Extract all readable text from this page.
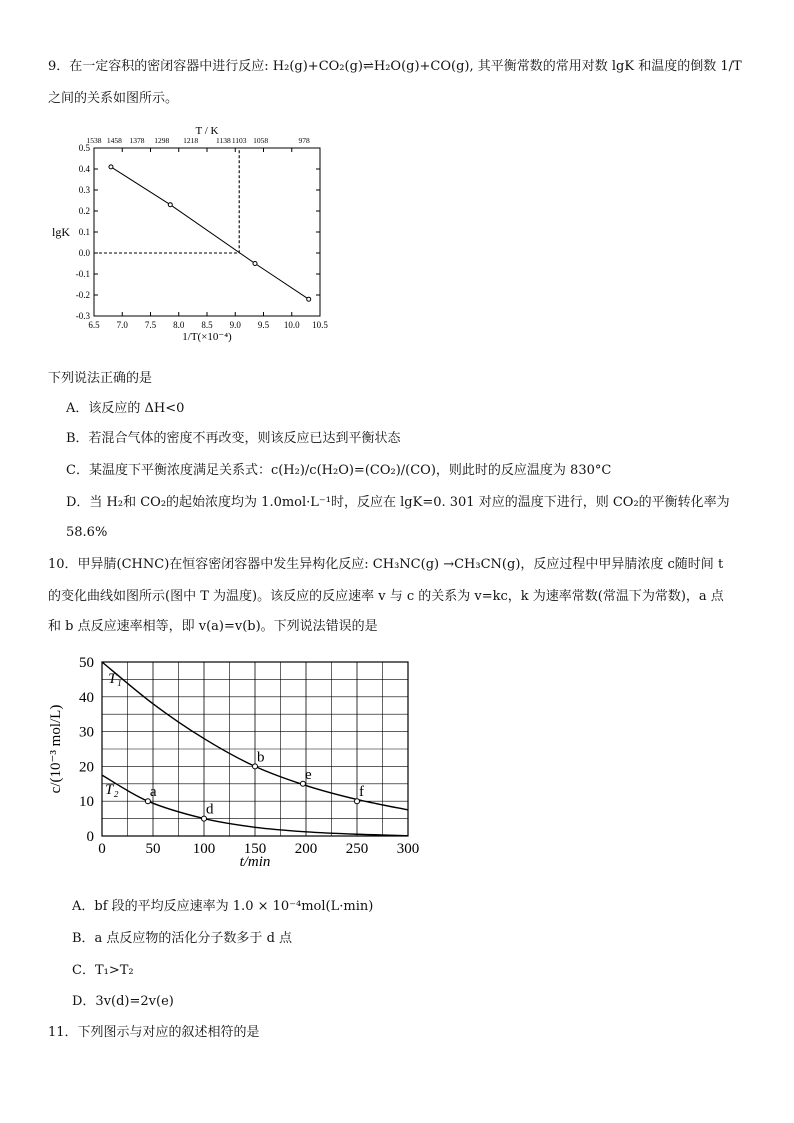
9．在一定容积的密闭容器中进行反应: H₂(g)+CO₂(g)⇌H₂O(g)+CO(g), 其平衡常数的常用对数 lgK 和温度的倒数 1/T
之间的关系如图所示。
6.5 7.0 7.5 8.0 8.5 9.0 9.5 10.0 10.5
-0.3
-0.2
-0.1
0.0
0.1
0.2
0.3
0.4
0.5
1538 1458 1378 1298 1218 1138 1103 1058	978
T / K
lgK
1/T(×10⁻⁴)
下列说法正确的是
A．该反应的 ΔH<0
B．若混合气体的密度不再改变，则该反应已达到平衡状态
C．某温度下平衡浓度满足关系式：c(H₂)/c(H₂O)=(CO₂)/(CO)，则此时的反应温度为 830°C
D．当 H₂和 CO₂的起始浓度均为 1.0mol·L⁻¹时，反应在 lgK=0. 301 对应的温度下进行，则 CO₂的平衡转化率为
58.6%
10．甲异腈(CHNC)在恒容密闭容器中发生异构化反应: CH₃NC(g) →CH₃CN(g)，反应过程中甲异腈浓度 c随时间 t
的变化曲线如图所示(图中 T 为温度)。该反应的反应速率 v 与 c 的关系为 v=kc，k 为速率常数(常温下为常数)，a 点
和 b 点反应速率相等，即 v(a)=v(b)。下列说法错误的是
0	50 100 150 200 250 300
0
10
20
30
40
50
t/min
c/(10⁻³ mol/L)
T₁
T₂ a
d
b
e
f
A．bf 段的平均反应速率为 1.0 × 10⁻⁴mol(L·min)
B．a 点反应物的活化分子数多于 d 点
C．T₁>T₂
D．3v(d)=2v(e)
11．下列图示与对应的叙述相符的是
